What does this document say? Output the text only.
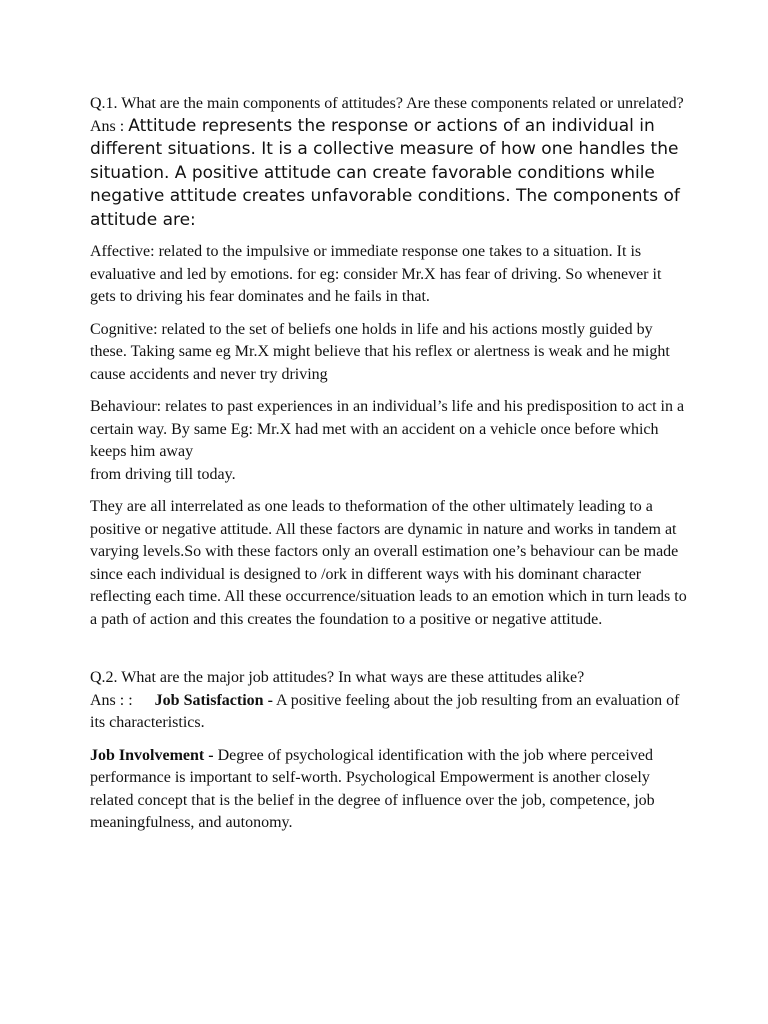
Q.1. What are the main components of attitudes? Are these components related or unrelated?

Ans : Attitude represents the response or actions of an individual in different situations. It is a collective measure of how one handles the situation. A positive attitude can create favorable conditions while negative attitude creates unfavorable conditions. The components of attitude are:

Affective: related to the impulsive or immediate response one takes to a situation. It is evaluative and led by emotions. for eg: consider Mr.X has fear of driving. So whenever it gets to driving his fear dominates and he fails in that.

Cognitive: related to the set of beliefs one holds in life and his actions mostly guided by these. Taking same eg Mr.X might believe that his reflex or alertness is weak and he might cause accidents and never try driving

Behaviour: relates to past experiences in an individual’s life and his predisposition to act in a certain way. By same Eg: Mr.X had met with an accident on a vehicle once before which keeps him away
from driving till today.

They are all interrelated as one leads to theformation of the other ultimately leading to a positive or negative attitude. All these factors are dynamic in nature and works in tandem at varying levels.So with these factors only an overall estimation one’s behaviour can be made since each individual is designed to /ork in different ways with his dominant character reflecting each time. All these occurrence/situation leads to an emotion which in turn leads to a path of action and this creates the foundation to a positive or negative attitude.

Q.2. What are the major job attitudes? In what ways are these attitudes alike?

Ans : : Job Satisfaction - A positive feeling about the job resulting from an evaluation of its characteristics.

Job Involvement - Degree of psychological identification with the job where perceived performance is important to self-worth. Psychological Empowerment is another closely related concept that is the belief in the degree of influence over the job, competence, job meaningfulness, and autonomy.
